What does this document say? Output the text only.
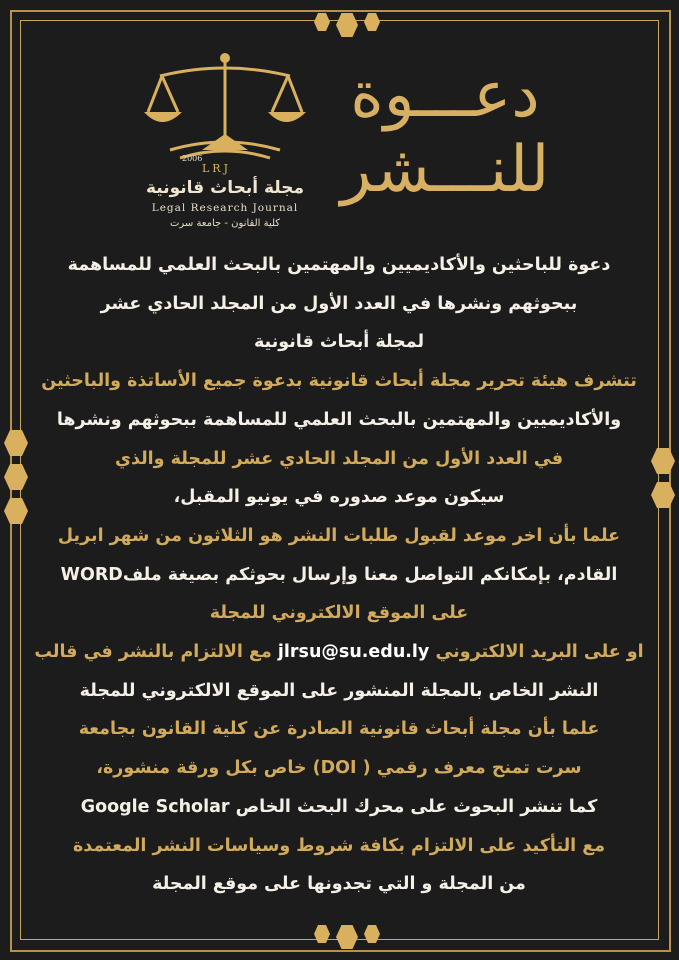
2006
LRJ
مجلة أبحاث قانونية
Legal Research Journal
كلية القانون - جامعة سرت
دعـــوة
للنـــشر
دعوة للباحثين والأكاديميين والمهتمين بالبحث العلمي للمساهمة
ببحوثهم ونشرها في العدد الأول من المجلد الحادي عشر
لمجلة أبحاث قانونية
تتشرف هيئة تحرير مجلة أبحاث قانونية بدعوة جميع الأساتذة والباحثين
والأكاديميين والمهتمين بالبحث العلمي للمساهمة ببحوثهم ونشرها
في العدد الأول من المجلد الحادي عشر للمجلة والذي
سيكون موعد صدوره في يونيو المقبل،
علما بأن اخر موعد لقبول طلبات النشر هو الثلاثون من شهر ابريل
القادم، بإمكانكم التواصل معنا وإرسال بحوثكم بصيغة ملفWORD
على الموقع الالكتروني للمجلة
او على البريد الالكتروني jlrsu@su.edu.ly مع الالتزام بالنشر في قالب
النشر الخاص بالمجلة المنشور على الموقع الالكتروني للمجلة
علما بأن مجلة أبحاث قانونية الصادرة عن كلية القانون بجامعة
سرت تمنح معرف رقمي ( DOI) خاص بكل ورقة منشورة،
كما تنشر البحوث على محرك البحث الخاص Google Scholar
مع التأكيد على الالتزام بكافة شروط وسياسات النشر المعتمدة
من المجلة و التي تجدونها على موقع المجلة
